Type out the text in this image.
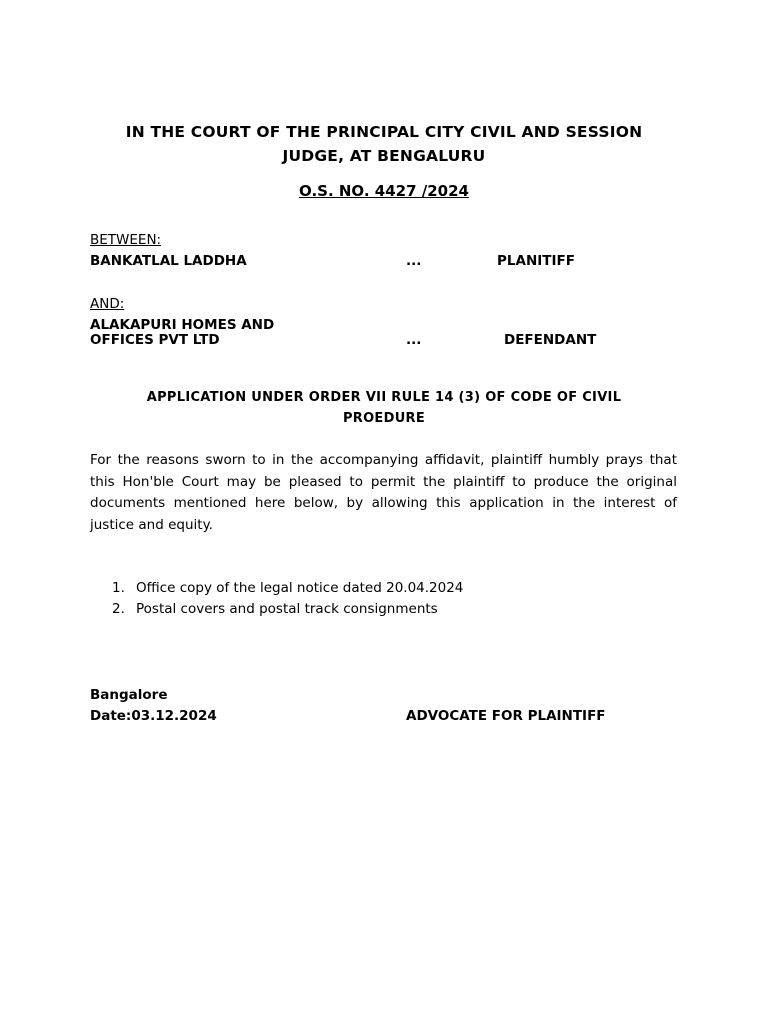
IN THE COURT OF THE PRINCIPAL CITY CIVIL AND SESSION
JUDGE, AT BENGALURU
O.S. NO. 4427 /2024
BETWEEN:
BANKATLAL LADDHA	...	PLANITIFF
AND:
ALAKAPURI HOMES AND
OFFICES PVT LTD	...	DEFENDANT
APPLICATION UNDER ORDER VII RULE 14 (3) OF CODE OF CIVIL
PROEDURE
For the reasons sworn to in the accompanying affidavit, plaintiff humbly prays that this Hon'ble Court may be pleased to permit the plaintiff to produce the original documents mentioned here below, by allowing this application in the interest of justice and equity.
1. Office copy of the legal notice dated 20.04.2024
2. Postal covers and postal track consignments
Bangalore
Date:03.12.2024	ADVOCATE FOR PLAINTIFF
